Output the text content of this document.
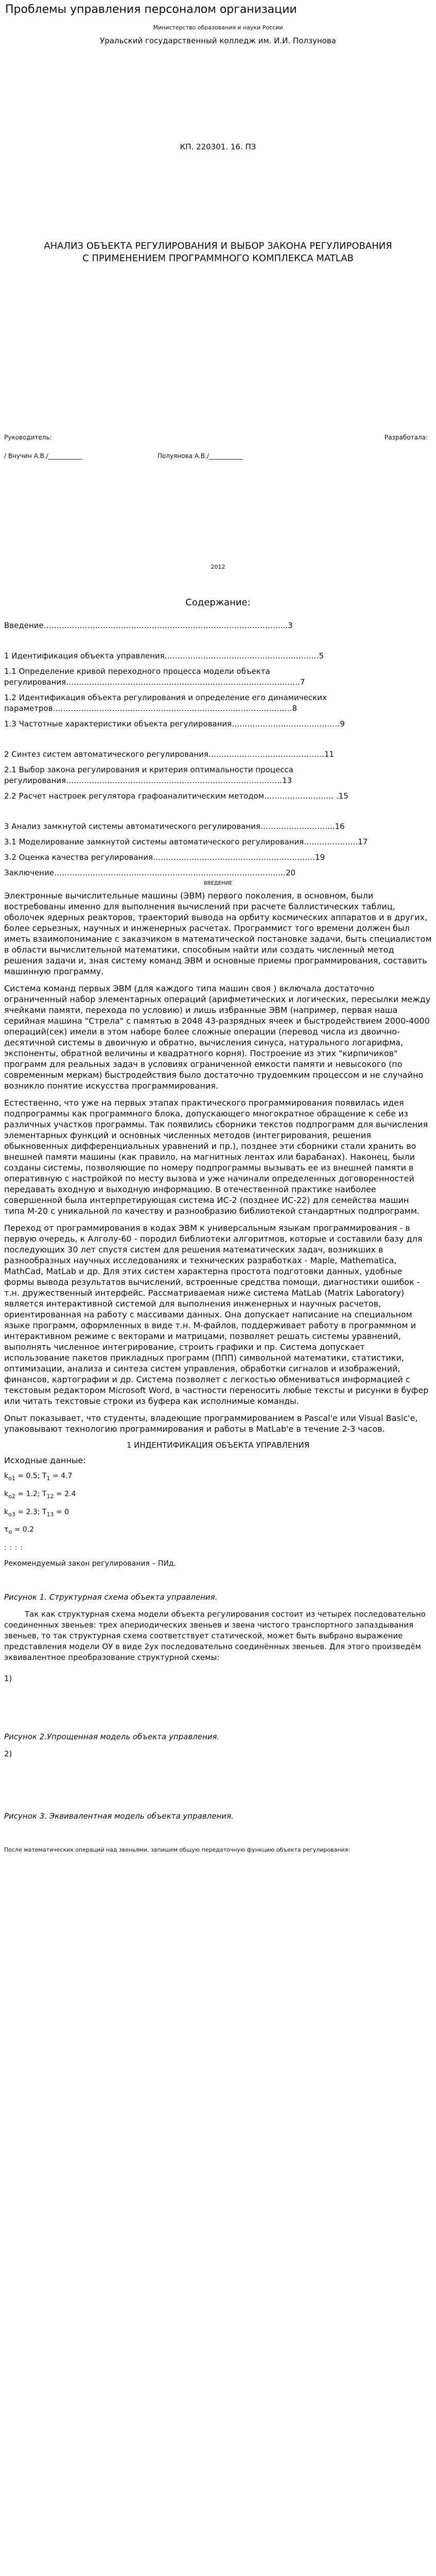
Проблемы управления персоналом организации
Министерство образования и науки России
Уральский государственный колледж им. И.И. Ползунова
КП. 220301. 16. ПЗ
АНАЛИЗ ОБЪЕКТА РЕГУЛИРОВАНИЯ И ВЫБОР ЗАКОНА РЕГУЛИРОВАНИЯ
С ПРИМЕНЕНИЕМ ПРОГРАММНОГО КОМПЛЕКСА MATLAB
Руководитель:	Разработала:
/ Внучин А.В./___________	Полуянова А.В./___________
2012
Содержание:

Введение…………………………………………………………………………………..3

1 Идентификация объекта управления……………………………………………………5

1.1 Определение кривой переходного процесса модели объекта регулирования……………………………………………………………………………….7

1.2 Идентификация объекта регулирования и определение его динамических параметров…………………………………………………………………………………8

1.3 Частотные характеристики объекта регулирования……………………………………9

2 Синтез систем автоматического регулирования………………………………………11

2.1 Выбор закона регулирования и критерия оптимальности процесса регулирования…………………………………………………………………………13

2.2 Расчет настроек регулятора графоаналитическим методом……………………… .15

3 Анализ замкнутой системы автоматического регулирования………………………..16

3.1 Моделирование замкнутой системы автоматического регулирования…………………17

3.2 Оценка качества регулирования………………………………………………………19

Заключение………………………………………………………………………………20

ВВЕДЕНИЕ

Электронные вычислительные машины (ЭВМ) первого поколения, в основном, были востребованы именно для выполнения вычислений при расчете баллистических таблиц, оболочек ядерных реакторов, траекторий вывода на орбиту космических аппаратов и в других, более серьезных, научных и инженерных расчетах. Программист того времени должен был иметь взаимопонимание с заказчиком в математической постановке задачи, быть специалистом в области вычислительной математики, способным найти или создать численный метод решения задачи и, зная систему команд ЭВМ и основные приемы программирования, составить машинную программу.

Система команд первых ЭВМ (для каждого типа машин своя ) включала достаточно ограниченный набор элементарных операций (арифметических и логических, пересылки между ячейками памяти, перехода по условию) и лишь избранные ЭВМ (например, первая наша серийная машина "Стрела" с памятью в 2048 43-разрядных ячеек и быстродействием 2000-4000 операций(сек) имели в этом наборе более сложные операции (перевод числа из двоично-десятичной системы в двоичную и обратно, вычисления синуса, натурального логарифма, экспоненты, обратной величины и квадратного корня). Построение из этих "кирпичиков" программ для реальных задач в условиях ограниченной емкости памяти и невысокого (по современным меркам) быстродействия было достаточно трудоемким процессом и не случайно возникло понятие искусства программирования.

Естественно, что уже на первых этапах практического программирования появилась идея подпрограммы как программного блока, допускающего многократное обращение к себе из различных участков программы. Так появились сборники текстов подпрограмм для вычисления элементарных функций и основных численных методов (интегрирования, решения обыкновенных дифференциальных уравнений и пр.), позднее эти сборники стали хранить во внешней памяти машины (как правило, на магнитных лентах или барабанах). Наконец, были созданы системы, позволяющие по номеру подпрограммы вызывать ее из внешней памяти в оперативную с настройкой по месту вызова и уже начинали определенных договоренностей передавать входную и выходную информацию. В отечественной практике наиболее совершенной была интерпретирующая система ИС-2 (позднее ИС-22) для семейства машин типа М-20 с уникальной по качеству и разнообразию библиотекой стандартных подпрограмм.

Переход от программирования в кодах ЭВМ к универсальным языкам программирования - в первую очередь, к Алголу-60 - породил библиотеки алгоритмов, которые и составили базу для последующих 30 лет спустя систем для решения математических задач, возникших в разнообразных научных исследованиях и технических разработках - Maple, Mathematica, MathCad, MatLab и др. Для этих систем характерна простота подготовки данных, удобные формы вывода результатов вычислений, встроенные средства помощи, диагностики ошибок - т.н. дружественный интерфейс. Рассматриваемая ниже система MatLab (Matrix Laboratory) является интерактивной системой для выполнения инженерных и научных расчетов, ориентированная на работу с массивами данных. Она допускает написание на специальном языке программ, оформленных в виде т.н. М-файлов, поддерживает работу в программном и интерактивном режиме с векторами и матрицами, позволяет решать системы уравнений, выполнять численное интегрирование, строить графики и пр. Система допускает использование пакетов прикладных программ (ППП) символьной математики, статистики, оптимизации, анализа и синтеза систем управления, обработки сигналов и изображений, финансов, картографии и др. Система позволяет с легкостью обмениваться информацией с текстовым редактором Microsoft Word, в частности переносить любые тексты и рисунки в буфер или читать текстовые строки из буфера как исполнимые команды.

Опыт показывает, что студенты, владеющие программированием в Pascal'е или Visual Basic'е, упаковывают технологию программирования и работы в MatLab'е в течение 2-3 часов.

1 ИНДЕНТИФИКАЦИЯ ОБЪЕКТА УПРАВЛЕНИЯ

Исходные данные:

$k_{o1} = 0.5$; $T_1 = 4.7$

$k_{o2} = 1.2$; $T_{12} = 2.4$

$k_{o3} = 2.3$; $T_{13} = 0$

$\tau_о = 0.2$

: : : :

Рекомендуемый закон регулирования – ПИд.

Рисунок 1. Структурная схема объекта управления.

Так как структурная схема модели объекта регулирования состоит из четырех последовательно соединенных звеньев: трех апериодических звеньев и звена чистого транспортного запаздывания звеньев, то так структурная схема соответствует статической, может быть выбрано выражение представления модели ОУ в виде 2ух последовательно соединённых звеньев. Для этого произведём эквивалентное преобразование структурной схемы:

1)

Рисунок 2.Упрощенная модель объекта управления.

2)

Рисунок 3. Эквивалентная модель объекта управления.

После математических операций над звеньями, запишем общую передаточную функцию объекта регулирования:
